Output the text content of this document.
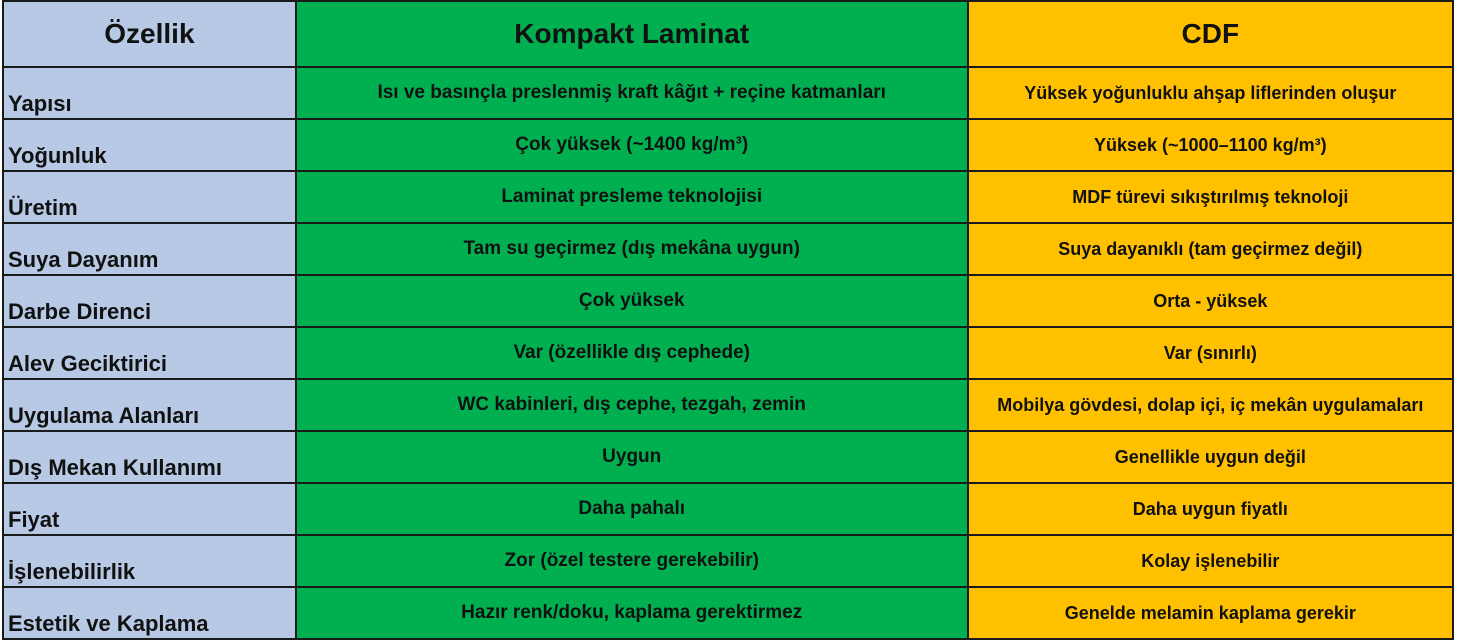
Özellik	Kompakt Laminat	CDF
Yapısı	Isı ve basınçla preslenmiş kraft kâğıt + reçine katmanları	Yüksek yoğunluklu ahşap liflerinden oluşur
Yoğunluk	Çok yüksek (~1400 kg/m³)	Yüksek (~1000–1100 kg/m³)
Üretim	Laminat presleme teknolojisi	MDF türevi sıkıştırılmış teknoloji
Suya Dayanım	Tam su geçirmez (dış mekâna uygun)	Suya dayanıklı (tam geçirmez değil)
Darbe Direnci	Çok yüksek	Orta - yüksek
Alev Geciktirici	Var (özellikle dış cephede)	Var (sınırlı)
Uygulama Alanları	WC kabinleri, dış cephe, tezgah, zemin	Mobilya gövdesi, dolap içi, iç mekân uygulamaları
Dış Mekan Kullanımı	Uygun	Genellikle uygun değil
Fiyat	Daha pahalı	Daha uygun fiyatlı
İşlenebilirlik	Zor (özel testere gerekebilir)	Kolay işlenebilir
Estetik ve Kaplama	Hazır renk/doku, kaplama gerektirmez	Genelde melamin kaplama gerekir
